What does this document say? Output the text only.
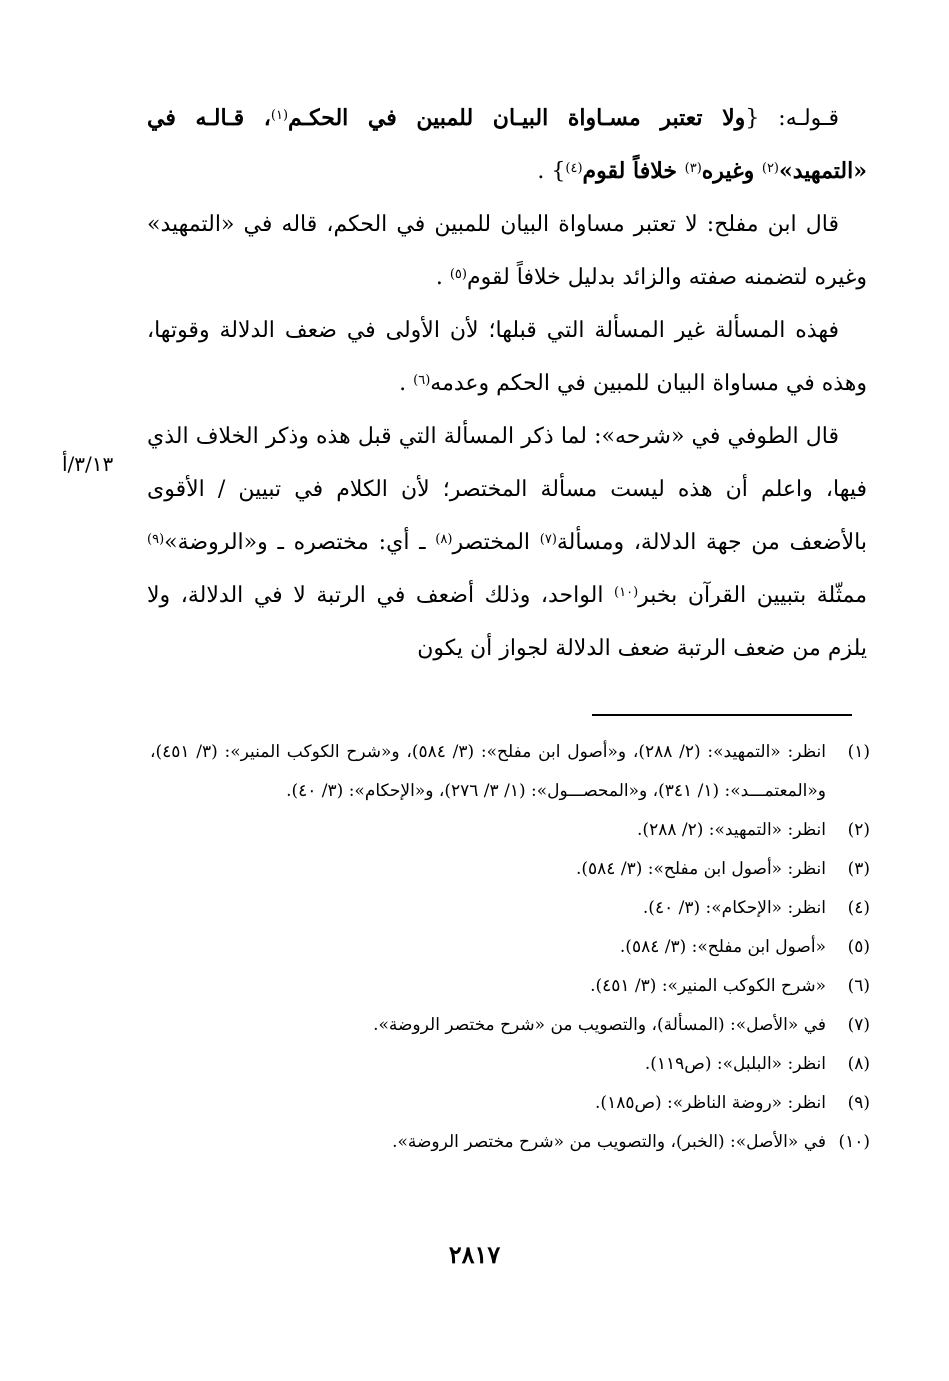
قـولـه: {ولا تعتبر مسـاواة البيـان للمبين في الحكـم$^{(١)}$، قـالـه في «التمهيد»$^{(٢)}$ وغيره$^{(٣)}$ خلافاً لقوم$^{(٤)}$} .

قال ابن مفلح: لا تعتبر مساواة البيان للمبين في الحكم، قاله في «التمهيد» وغيره لتضمنه صفته والزائد بدليل خلافاً لقوم$^{(٥)}$ .

فهذه المسألة غير المسألة التي قبلها؛ لأن الأولى في ضعف الدلالة وقوتها، وهذه في مساواة البيان للمبين في الحكم وعدمه$^{(٦)}$ .

قال الطوفي في «شرحه»: لما ذكر المسألة التي قبل هذه وذكر الخلاف الذي فيها، واعلم أن هذه ليست مسألة المختصر؛ لأن الكلام في تبيين / الأقوى بالأضعف من جهة الدلالة، ومسألة$^{(٧)}$ المختصر$^{(٨)}$ ـ أي: مختصره ـ و«الروضة»$^{(٩)}$ ممثّلة بتبيين القرآن بخبر$^{(١٠)}$ الواحد، وذلك أضعف في الرتبة لا في الدلالة، ولا يلزم من ضعف الرتبة ضعف الدلالة لجواز أن يكون

٣/١٣/أ
(١)
انظر: «التمهيد»: (٢/ ٢٨٨)، و«أصول ابن مفلح»: (٣/ ٥٨٤)، و«شرح الكوكب المنير»: (٣/ ٤٥١)، و«المعتمـــد»: (١/ ٣٤١)، و«المحصـــول»: (١/ ٣/ ٢٧٦)، و«الإحكام»: (٣/ ٤٠).
(٢)
انظر: «التمهيد»: (٢/ ٢٨٨).
(٣)
انظر: «أصول ابن مفلح»: (٣/ ٥٨٤).
(٤)
انظر: «الإحكام»: (٣/ ٤٠).
(٥)
«أصول ابن مفلح»: (٣/ ٥٨٤).
(٦)
«شرح الكوكب المنير»: (٣/ ٤٥١).
(٧)
في «الأصل»: (المسألة)، والتصويب من «شرح مختصر الروضة».
(٨)
انظر: «البلبل»: (ص١١٩).
(٩)
انظر: «روضة الناظر»: (ص١٨٥).
(١٠)
في «الأصل»: (الخبر)، والتصويب من «شرح مختصر الروضة».
٢٨١٧
